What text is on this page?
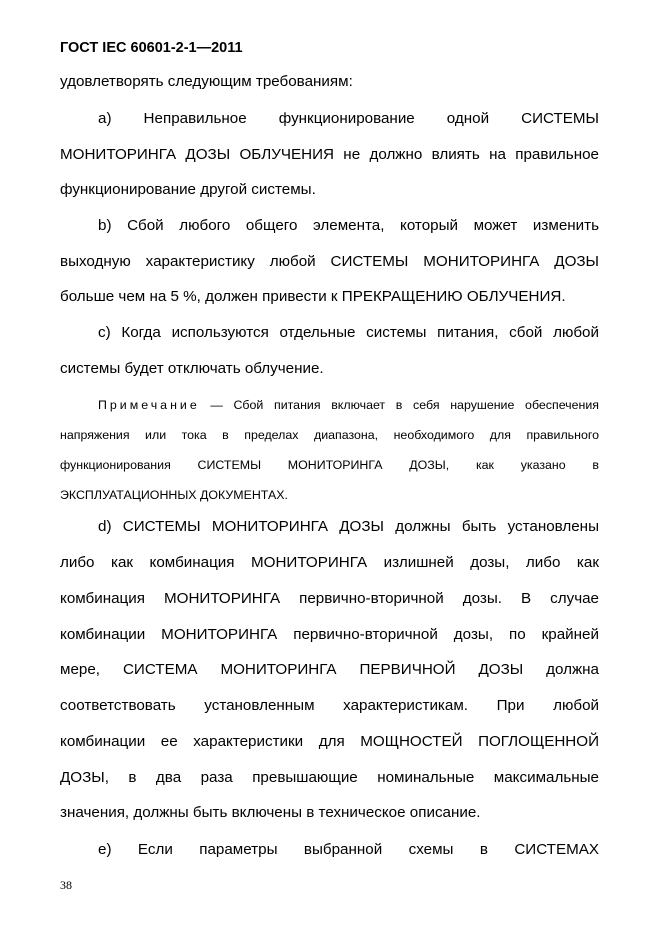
ГОСТ IEC 60601-2-1—2011
удовлетворять следующим требованиям:
а) Неправильное функционирование одной СИСТЕМЫ
МОНИТОРИНГА ДОЗЫ ОБЛУЧЕНИЯ не должно влиять на правильное
функционирование другой системы.
b) Сбой любого общего элемента, который может изменить
выходную характеристику любой СИСТЕМЫ МОНИТОРИНГА ДОЗЫ
больше чем на 5 %, должен привести к ПРЕКРАЩЕНИЮ ОБЛУЧЕНИЯ.
с) Когда используются отдельные системы питания, сбой любой
системы будет отключать облучение.
Примечание — Сбой питания включает в себя нарушение обеспечения
напряжения или тока в пределах диапазона, необходимого для правильного
функционирования СИСТЕМЫ МОНИТОРИНГА ДОЗЫ, как указано в
ЭКСПЛУАТАЦИОННЫХ ДОКУМЕНТАХ.
d) СИСТЕМЫ МОНИТОРИНГА ДОЗЫ должны быть установлены
либо как комбинация МОНИТОРИНГА излишней дозы, либо как
комбинация МОНИТОРИНГА первично-вторичной дозы. В случае
комбинации МОНИТОРИНГА первично-вторичной дозы, по крайней
мере, СИСТЕМА МОНИТОРИНГА ПЕРВИЧНОЙ ДОЗЫ должна
соответствовать установленным характеристикам. При любой
комбинации ее характеристики для МОЩНОСТЕЙ ПОГЛОЩЕННОЙ
ДОЗЫ, в два раза превышающие номинальные максимальные
значения, должны быть включены в техническое описание.
е) Если параметры выбранной схемы в СИСТЕМАХ
38
